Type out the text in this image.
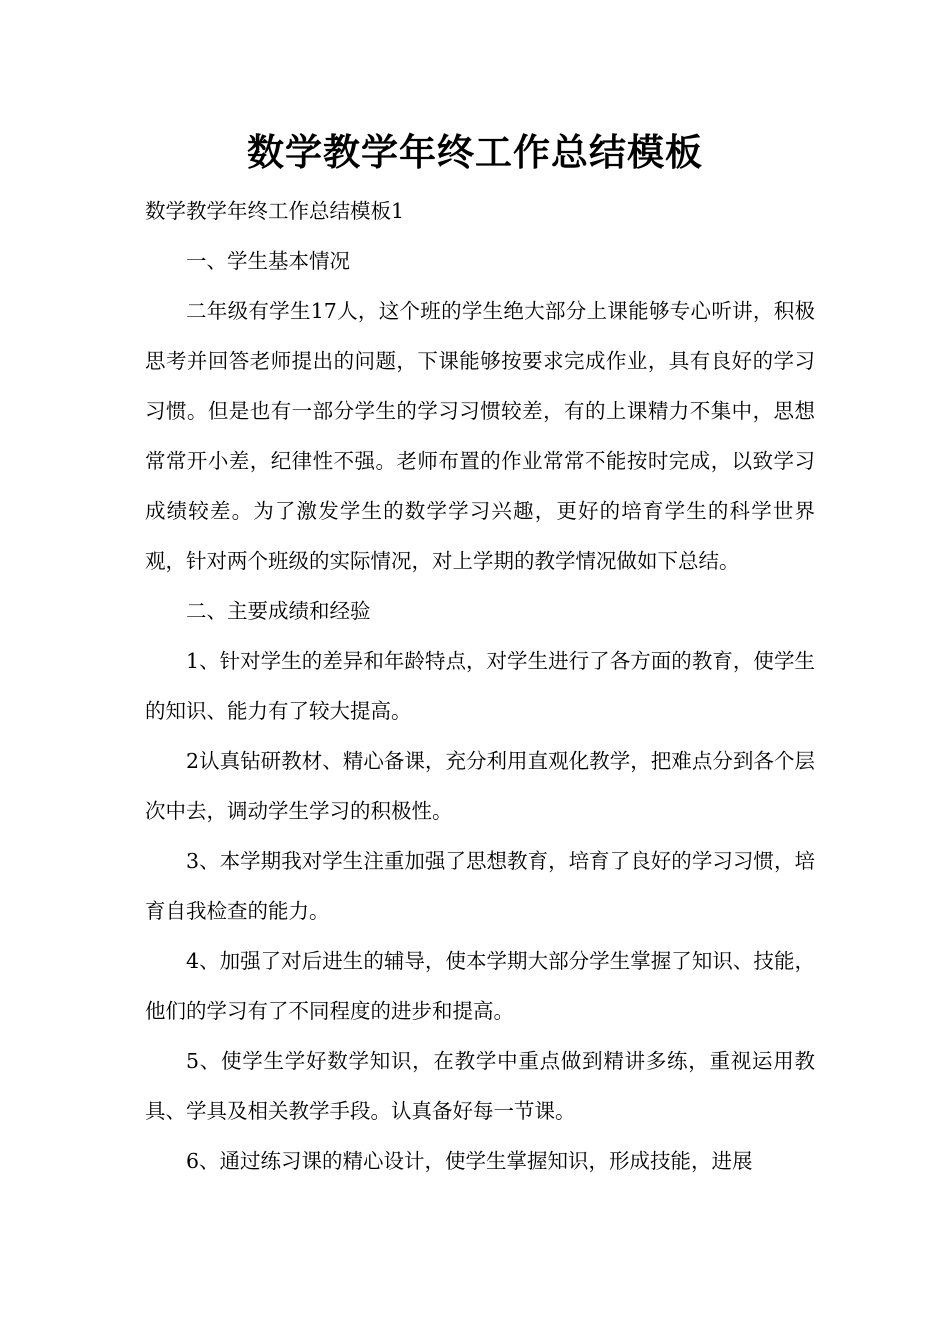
数学教学年终工作总结模板

数学教学年终工作总结模板1

一、学生基本情况

二年级有学生17人，这个班的学生绝大部分上课能够专心听讲，积极思考并回答老师提出的问题，下课能够按要求完成作业，具有良好的学习习惯。但是也有一部分学生的学习习惯较差，有的上课精力不集中，思想常常开小差，纪律性不强。老师布置的作业常常不能按时完成，以致学习成绩较差。为了激发学生的数学学习兴趣，更好的培育学生的科学世界观，针对两个班级的实际情况，对上学期的教学情况做如下总结。

二、主要成绩和经验

1、针对学生的差异和年龄特点，对学生进行了各方面的教育，使学生的知识、能力有了较大提高。

2认真钻研教材、精心备课，充分利用直观化教学，把难点分到各个层次中去，调动学生学习的积极性。

3、本学期我对学生注重加强了思想教育，培育了良好的学习习惯，培育自我检查的能力。

4、加强了对后进生的辅导，使本学期大部分学生掌握了知识、技能，他们的学习有了不同程度的进步和提高。

5、使学生学好数学知识，在教学中重点做到精讲多练，重视运用教具、学具及相关教学手段。认真备好每一节课。

6、通过练习课的精心设计，使学生掌握知识，形成技能，进展
